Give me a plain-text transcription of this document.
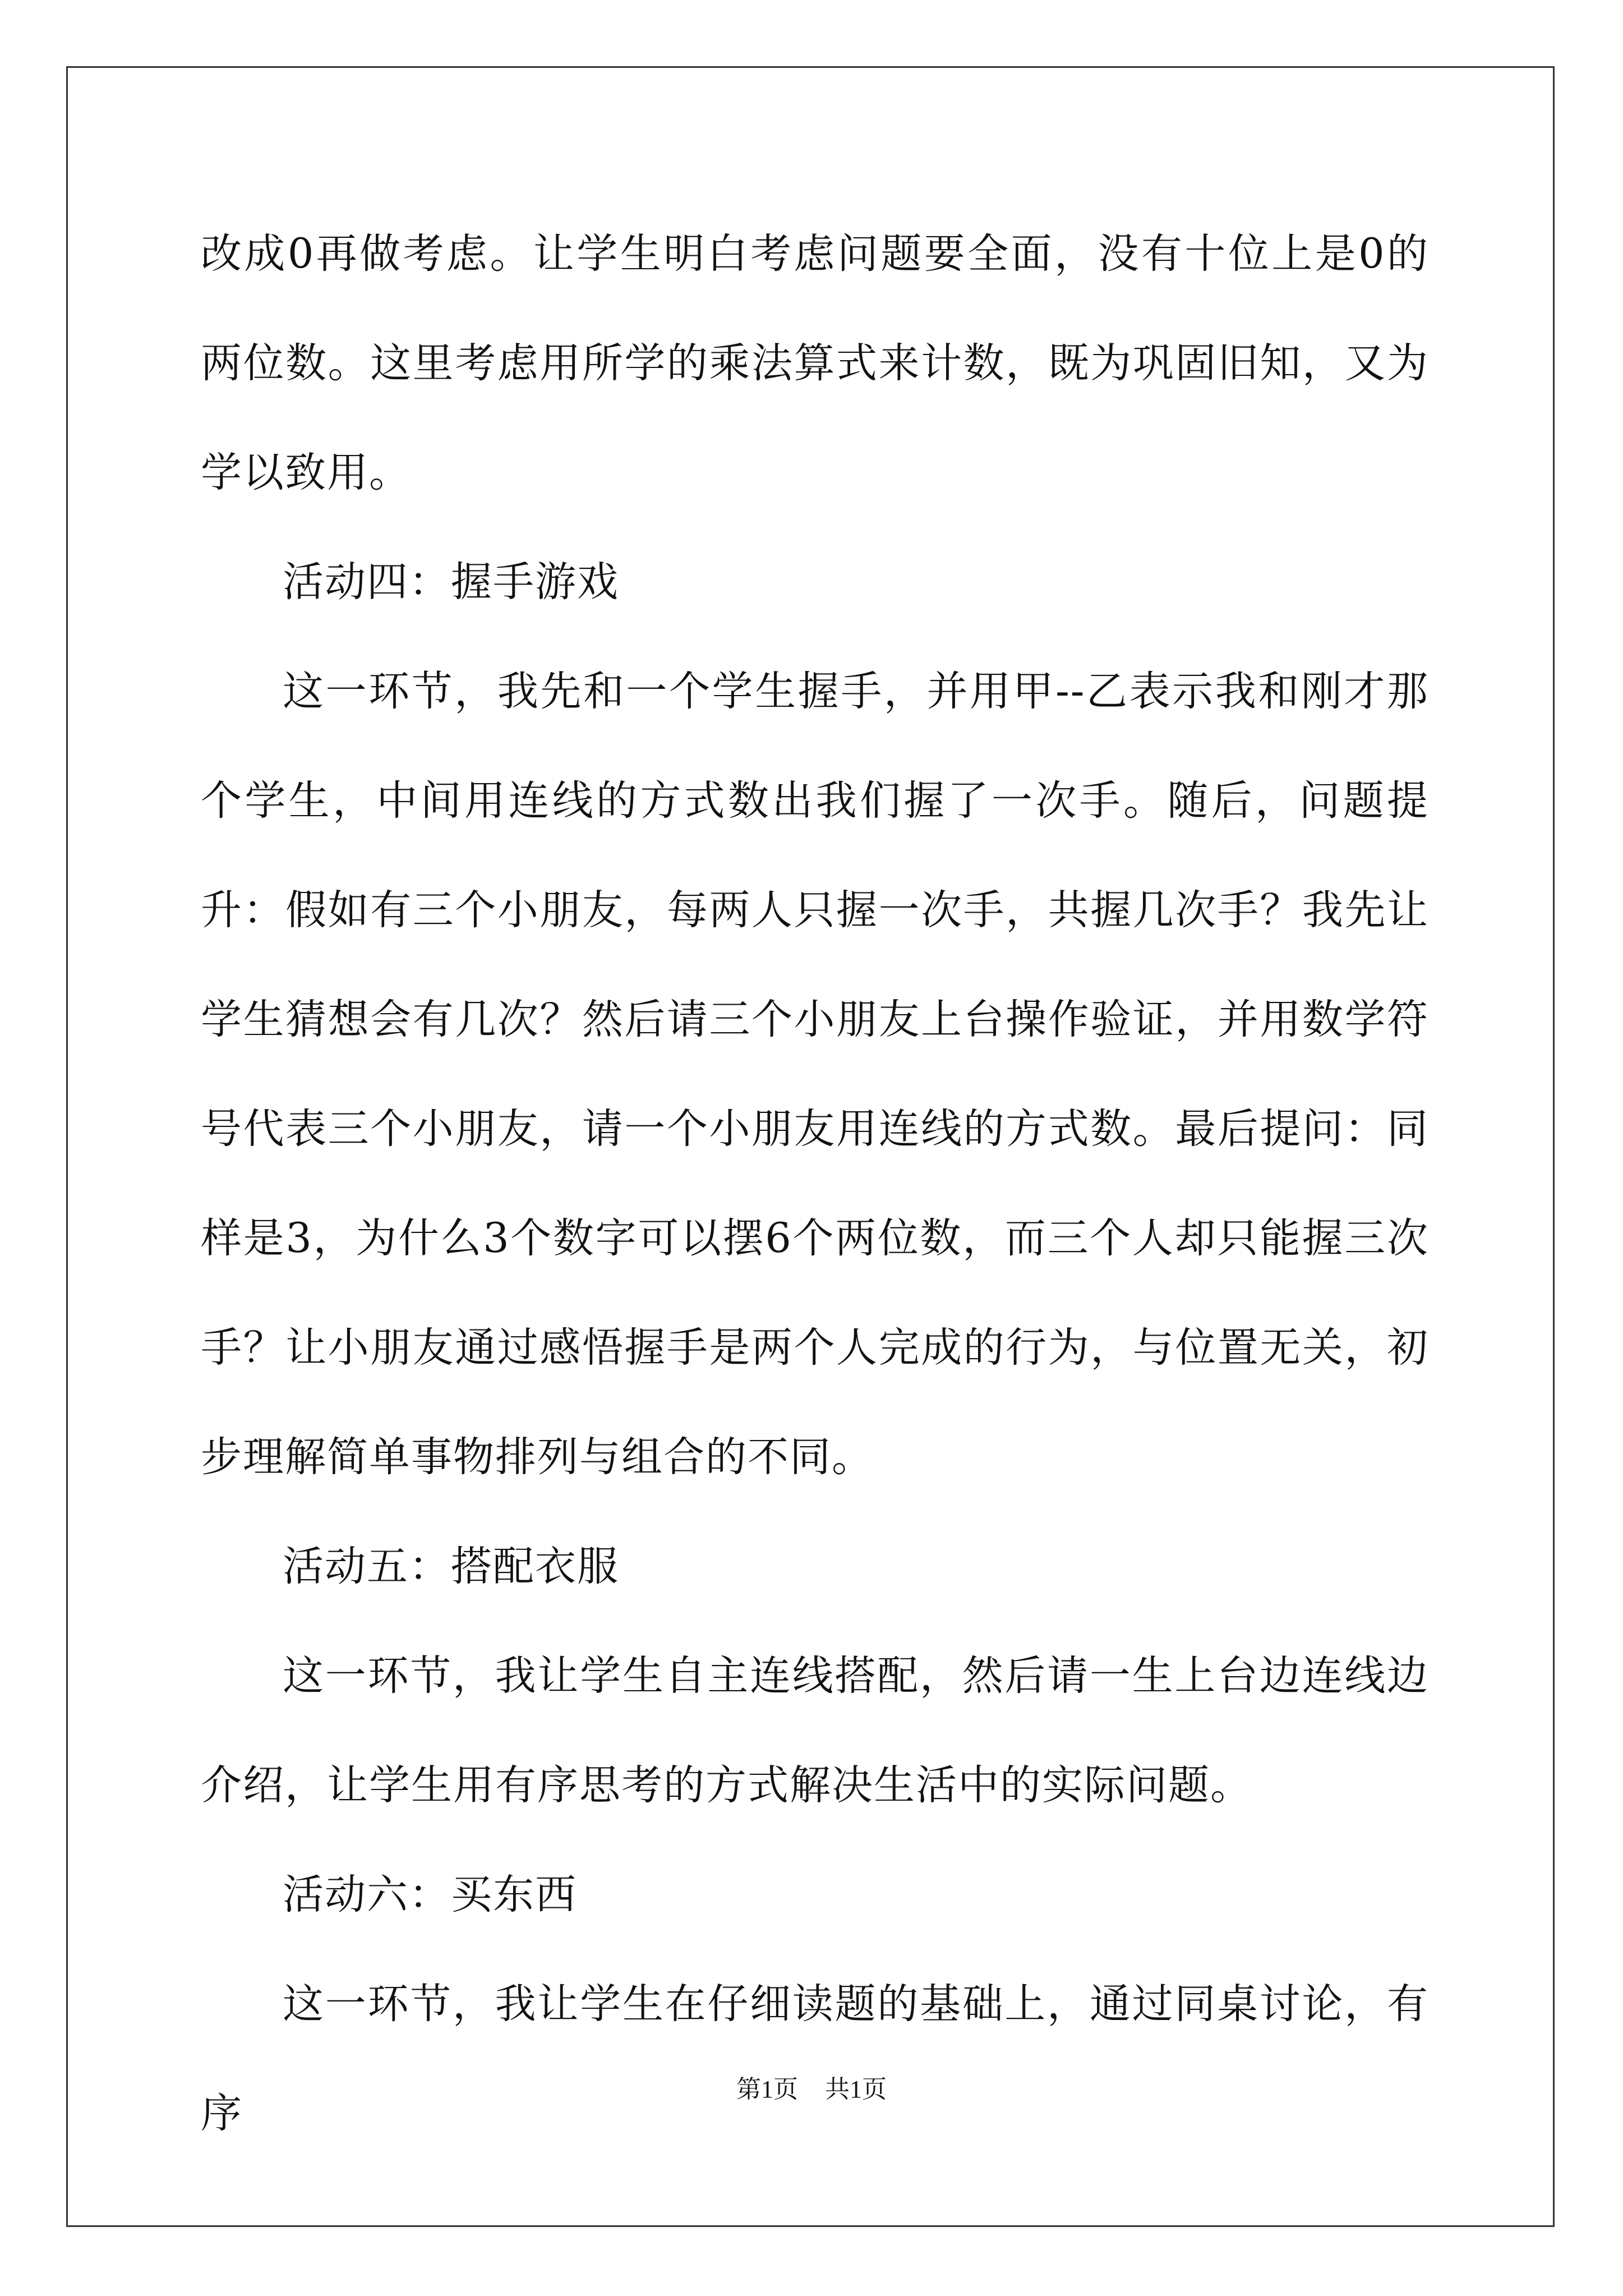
改成0再做考虑。让学生明白考虑问题要全面，没有十位上是0的两位数。这里考虑用所学的乘法算式来计数，既为巩固旧知，又为学以致用。

活动四：握手游戏

这一环节，我先和一个学生握手，并用甲--乙表示我和刚才那个学生，中间用连线的方式数出我们握了一次手。随后，问题提升：假如有三个小朋友，每两人只握一次手，共握几次手？我先让学生猜想会有几次？然后请三个小朋友上台操作验证，并用数学符号代表三个小朋友，请一个小朋友用连线的方式数。最后提问：同样是3，为什么3个数字可以摆6个两位数，而三个人却只能握三次手？让小朋友通过感悟握手是两个人完成的行为，与位置无关，初步理解简单事物排列与组合的不同。

活动五：搭配衣服

这一环节，我让学生自主连线搭配，然后请一生上台边连线边介绍，让学生用有序思考的方式解决生活中的实际问题。

活动六：买东西

这一环节，我让学生在仔细读题的基础上，通过同桌讨论，有序

第1页 共1页
